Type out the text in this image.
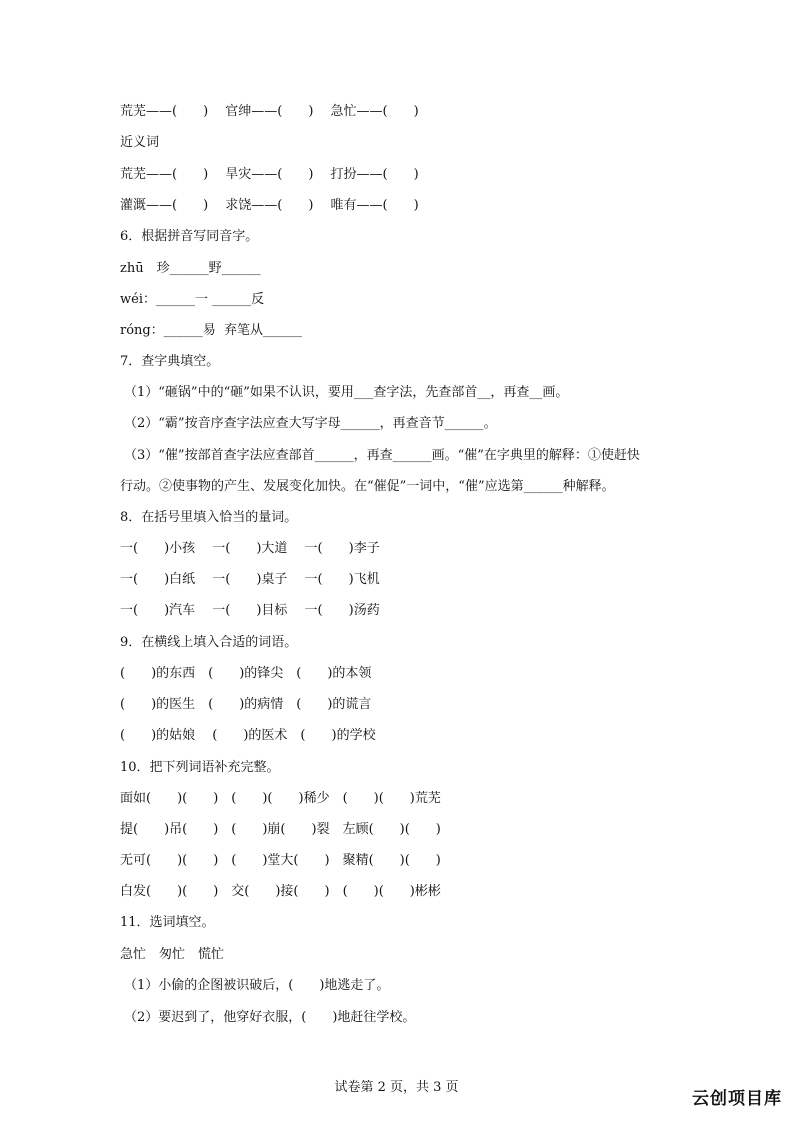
荒芜——(　　)　 官绅——(　　)　 急忙——(　　)
近义词
荒芜——(　　)　 旱灾——(　　)　 打扮——(　　)
灌溉——(　　)　 求饶——(　　)　 唯有——(　　)
6．根据拼音写同音字。
zhū　珍______野______
wéi：______一 ______反
róng：______易  弃笔从______
7．查字典填空。
（1）“砸锅”中的“砸”如果不认识，要用___查字法，先查部首__，再查__画。
（2）“霸”按音序查字法应查大写字母______，再查音节______。
（3）“催”按部首查字法应查部首______，再查______画。“催”在字典里的解释：①使赶快
行动。②使事物的产生、发展变化加快。在“催促”一词中，“催”应选第______种解释。
8．在括号里填入恰当的量词。
一(　　)小孩　 一(　　)大道　 一(　　)李子
一(　　)白纸　 一(　　)桌子　 一(　　)飞机
一(　　)汽车　 一(　　)目标　 一(　　)汤药
9．在横线上填入合适的词语。
(　　)的东西　(　　)的锋尖　(　　)的本领
(　　)的医生　(　　)的病情　(　　)的谎言
(　　)的姑娘　 (　　)的医术　(　　)的学校
10．把下列词语补充完整。
面如(　　)(　　)　(　　)(　　)稀少　(　　)(　　)荒芜
提(　　)吊(　　)　(　　)崩(　　)裂　左顾(　　)(　　)
无可(　　)(　　)　(　　)堂大(　　)　聚精(　　)(　　)
白发(　　)(　　)　交(　　)接(　　)　(　　)(　　)彬彬
11．选词填空。
急忙　匆忙　慌忙
（1）小偷的企图被识破后，(　　)地逃走了。
（2）要迟到了，他穿好衣服，(　　)地赶往学校。
试卷第 2 页，共 3 页
云创项目库
